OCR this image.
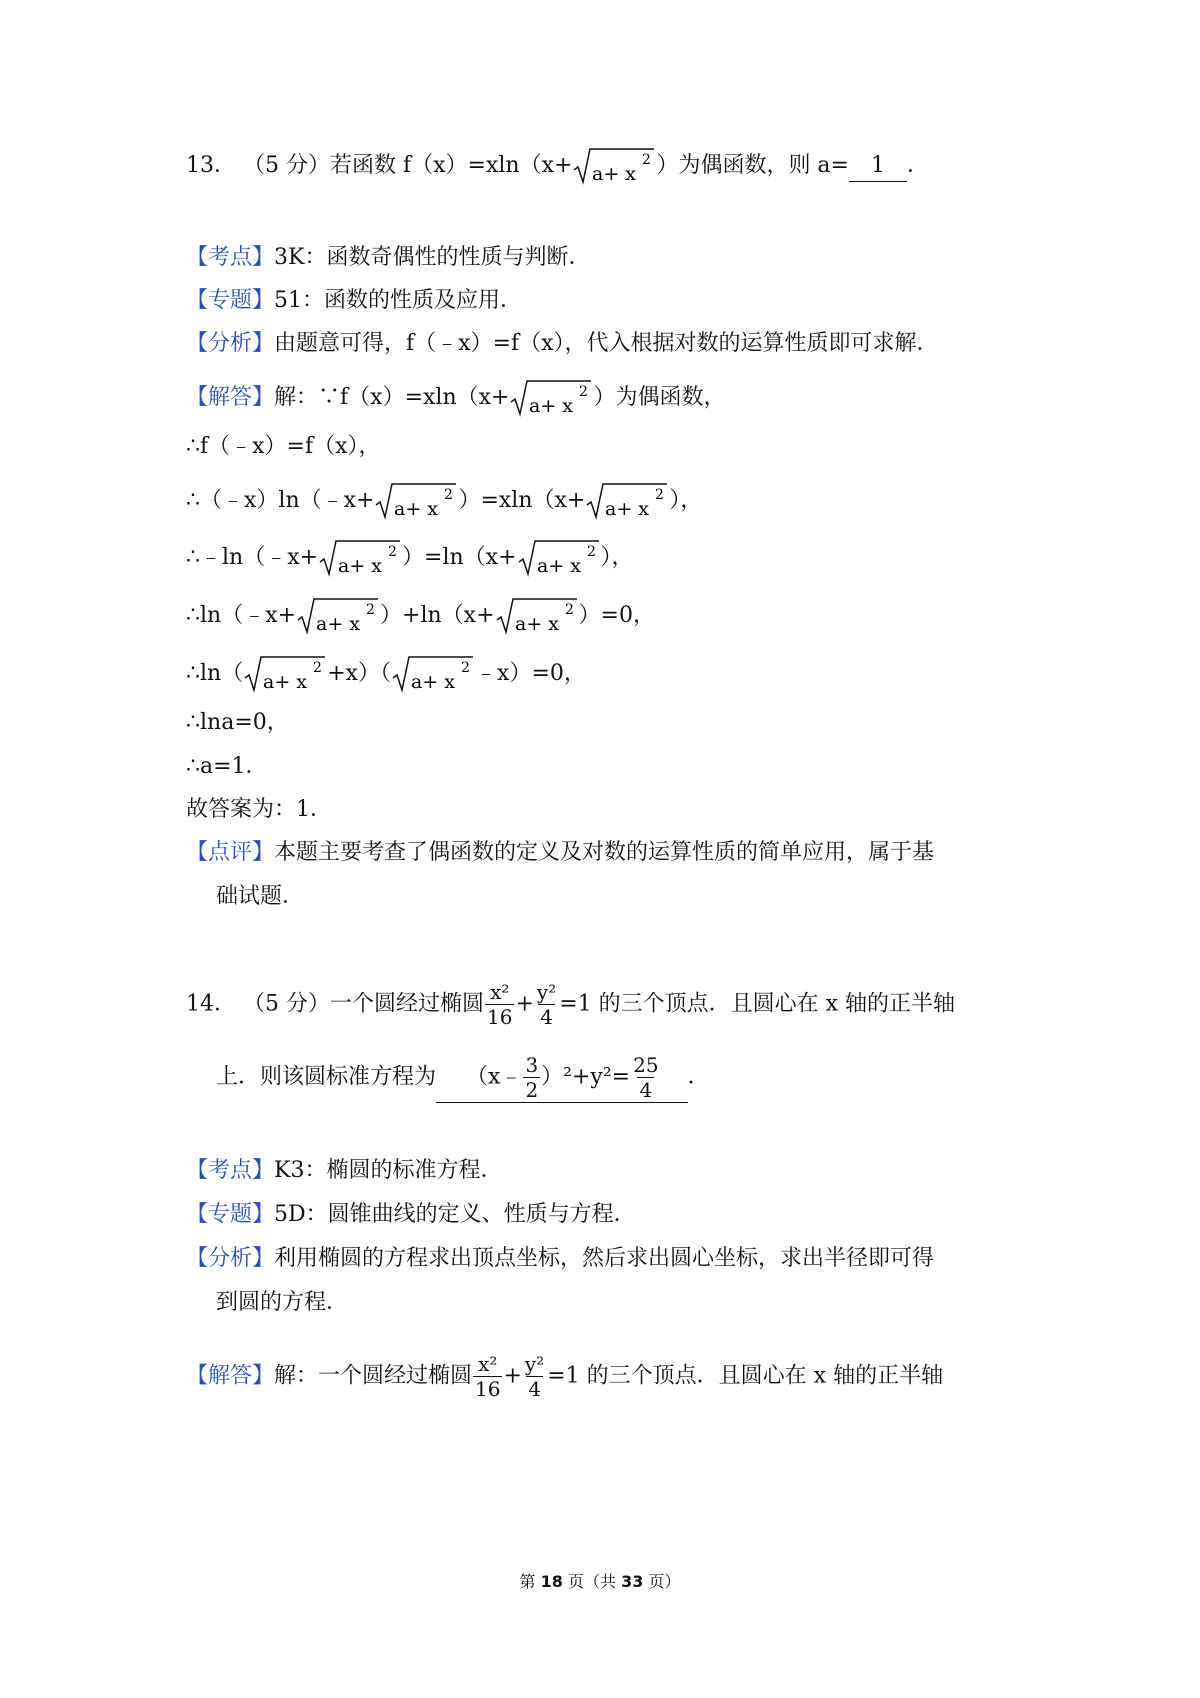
13． （5 分）若函数 f（x）=xln（x+ a+ x
2 ）为偶函数，则 a= 1 ．
【考点】3K：函数奇偶性的性质与判断．
【专题】51：函数的性质及应用．
【分析】由题意可得，f（﹣x）=f（x），代入根据对数的运算性质即可求解．
【解答】解：∵f（x）=xln（x+ a+ x
2 ）为偶函数，
∴f（﹣x）=f（x），
∴（﹣x）ln（﹣x+ a+ x
2 ）=xln（x+ a+ x
2 ），
∴﹣ln（﹣x+ a+ x
2 ）=ln（x+ a+ x
2 ），
∴ln（﹣x+ a+ x
2 ）+ln（x+ a+ x
2 ）=0，
∴ln（ a+ x
2 +x）（ a+ x
2 ﹣x）=0，
∴lna=0，
∴a=1．
故答案为：1．
【点评】本题主要考查了偶函数的定义及对数的运算性质的简单应用，属于基
础试题．
14． （5 分）一个圆经过椭圆 $\frac{\text{x²}}{16} + \frac{\text{y²}}{4} =1$ 的三个顶点．且圆心在 x 轴的正半轴
上．则该圆标准方程为 （x﹣ $\frac{3}{2} )^2+y^2= \frac{25}{4}$ ．
【考点】K3：椭圆的标准方程．
【专题】5D：圆锥曲线的定义、性质与方程．
【分析】利用椭圆的方程求出顶点坐标，然后求出圆心坐标，求出半径即可得
到圆的方程．
【解答】解：一个圆经过椭圆 $\frac{\text{x²}}{16} + \frac{\text{y²}}{4} =1$ 的三个顶点．且圆心在 x 轴的正半轴
第 18 页（共 33 页）
